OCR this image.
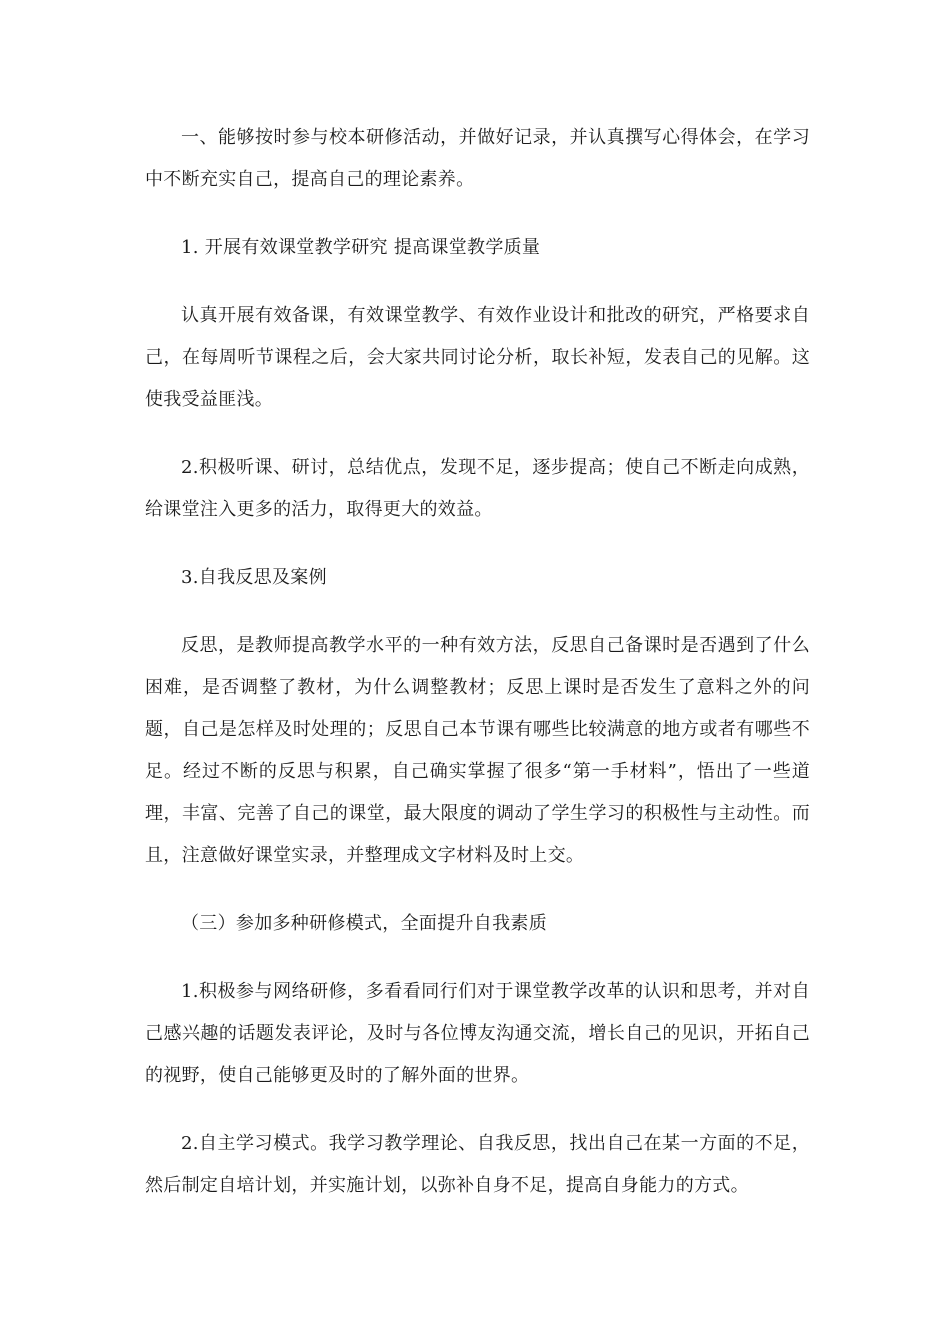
一、能够按时参与校本研修活动，并做好记录，并认真撰写心得体会，在学习中不断充实自己，提高自己的理论素养。

1. 开展有效课堂教学研究 提高课堂教学质量

认真开展有效备课，有效课堂教学、有效作业设计和批改的研究，严格要求自己，在每周听节课程之后，会大家共同讨论分析，取长补短，发表自己的见解。这使我受益匪浅。

2.积极听课、研讨，总结优点，发现不足，逐步提高；使自己不断走向成熟，给课堂注入更多的活力，取得更大的效益。

3.自我反思及案例

反思，是教师提高教学水平的一种有效方法，反思自己备课时是否遇到了什么困难，是否调整了教材，为什么调整教材；反思上课时是否发生了意料之外的问题，自己是怎样及时处理的；反思自己本节课有哪些比较满意的地方或者有哪些不足。经过不断的反思与积累，自己确实掌握了很多“第一手材料”，悟出了一些道理，丰富、完善了自己的课堂，最大限度的调动了学生学习的积极性与主动性。而且，注意做好课堂实录，并整理成文字材料及时上交。

（三）参加多种研修模式，全面提升自我素质

1.积极参与网络研修，多看看同行们对于课堂教学改革的认识和思考，并对自己感兴趣的话题发表评论，及时与各位博友沟通交流，增长自己的见识，开拓自己的视野，使自己能够更及时的了解外面的世界。

2.自主学习模式。我学习教学理论、自我反思，找出自己在某一方面的不足，然后制定自培计划，并实施计划，以弥补自身不足，提高自身能力的方式。
